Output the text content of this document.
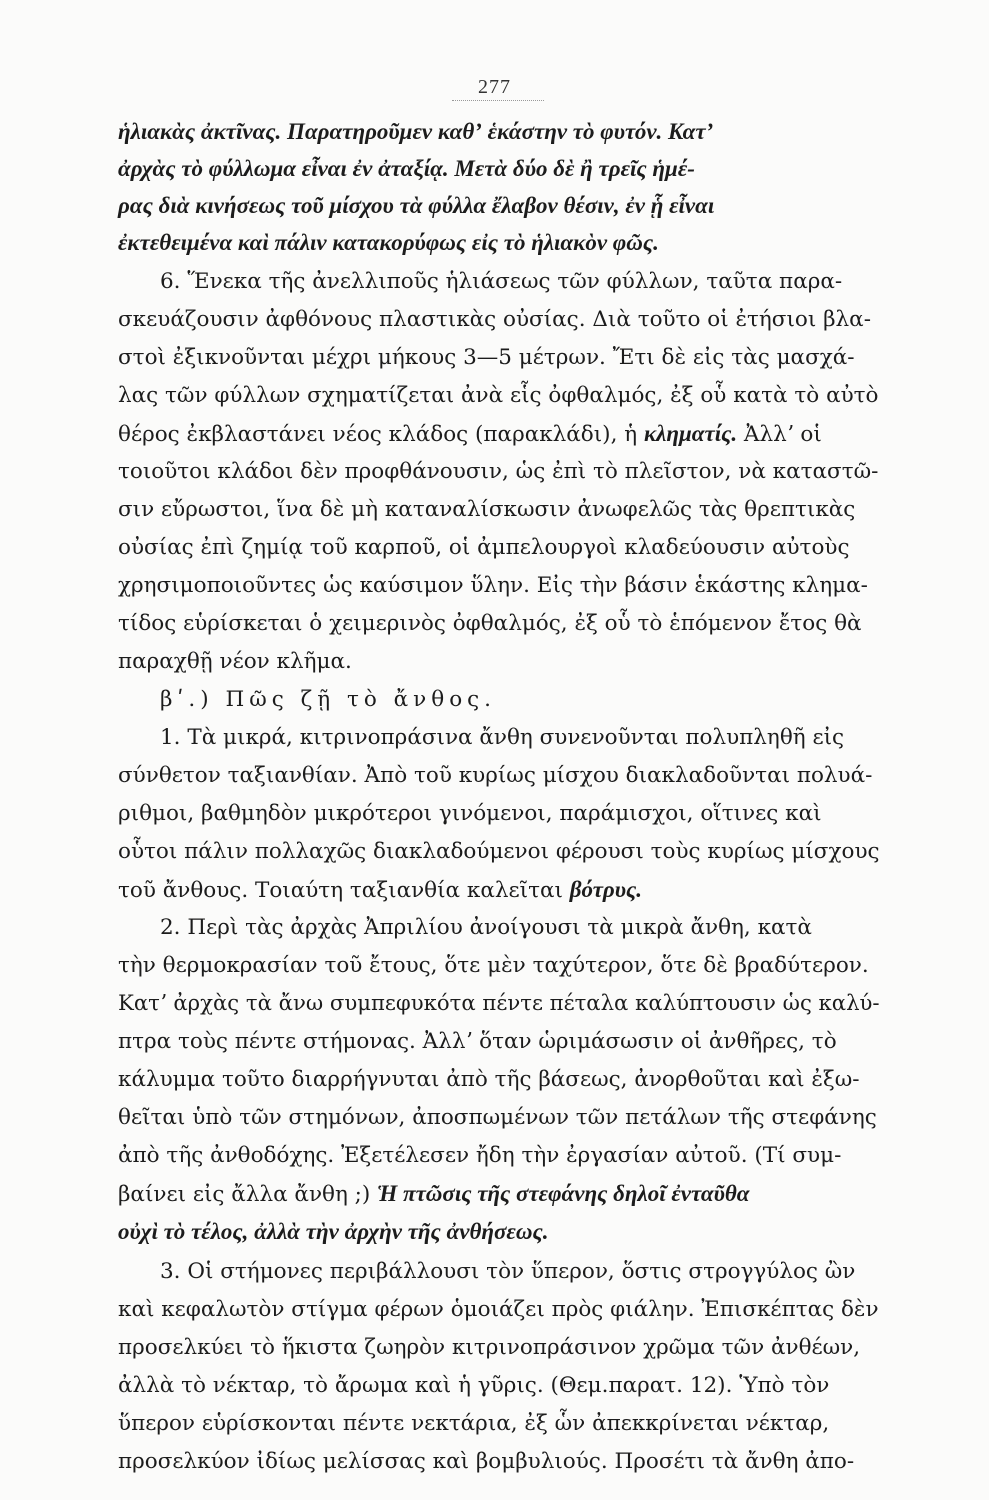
277
ἡλιακὰς ἀκτῖνας. Παρατηροῦμεν καθʼ ἑκάστην τὸ φυτόν. Κατʼ
ἀρχὰς τὸ φύλλωμα εἶναι ἐν ἀταξίᾳ. Μετὰ δύο δὲ ἢ τρεῖς ἡμέ-
ρας διὰ κινήσεως τοῦ μίσχου τὰ φύλλα ἔλαβον θέσιν, ἐν ᾗ εἶναι
ἐκτεθειμένα καὶ πάλιν κατακορύφως εἰς τὸ ἡλιακὸν φῶς.
6. Ἕνεκα τῆς ἀνελλιποῦς ἡλιάσεως τῶν φύλλων, ταῦτα παρα-
σκευάζουσιν ἀφθόνους πλαστικὰς οὐσίας. Διὰ τοῦτο οἱ ἐτήσιοι βλα-
στοὶ ἐξικνοῦνται μέχρι μήκους 3—5 μέτρων. Ἔτι δὲ εἰς τὰς μασχά-
λας τῶν φύλλων σχηματίζεται ἀνὰ εἷς ὀφθαλμός, ἐξ οὗ κατὰ τὸ αὐτὸ
θέρος ἐκβλαστάνει νέος κλάδος (παρακλάδι), ἡ κληματίς. Ἀλλʼ οἱ
τοιοῦτοι κλάδοι δὲν προφθάνουσιν, ὡς ἐπὶ τὸ πλεῖστον, νὰ καταστῶ-
σιν εὔρωστοι, ἵνα δὲ μὴ καταναλίσκωσιν ἀνωφελῶς τὰς θρεπτικὰς
οὐσίας ἐπὶ ζημίᾳ τοῦ καρποῦ, οἱ ἀμπελουργοὶ κλαδεύουσιν αὐτοὺς
χρησιμοποιοῦντες ὡς καύσιμον ὕλην. Εἰς τὴν βάσιν ἑκάστης κλημα-
τίδος εὑρίσκεται ὁ χειμερινὸς ὀφθαλμός, ἐξ οὗ τὸ ἑπόμενον ἔτος θὰ
παραχθῇ νέον κλῆμα.
βʹ.) Πῶς ζῇ τὸ ἄνθος.
1. Τὰ μικρά, κιτρινοπράσινα ἄνθη συνενοῦνται πολυπληθῆ εἰς
σύνθετον ταξιανθίαν. Ἀπὸ τοῦ κυρίως μίσχου διακλαδοῦνται πολυά-
ριθμοι, βαθμηδὸν μικρότεροι γινόμενοι, παράμισχοι, οἵτινες καὶ
οὗτοι πάλιν πολλαχῶς διακλαδούμενοι φέρουσι τοὺς κυρίως μίσχους
τοῦ ἄνθους. Τοιαύτη ταξιανθία καλεῖται βότρυς.
2. Περὶ τὰς ἀρχὰς Ἀπριλίου ἀνοίγουσι τὰ μικρὰ ἄνθη, κατὰ
τὴν θερμοκρασίαν τοῦ ἔτους, ὅτε μὲν ταχύτερον, ὅτε δὲ βραδύτερον.
Κατʼ ἀρχὰς τὰ ἄνω συμπεφυκότα πέντε πέταλα καλύπτουσιν ὡς καλύ-
πτρα τοὺς πέντε στήμονας. Ἀλλʼ ὅταν ὡριμάσωσιν οἱ ἀνθῆρες, τὸ
κάλυμμα τοῦτο διαρρήγνυται ἀπὸ τῆς βάσεως, ἀνορθοῦται καὶ ἐξω-
θεῖται ὑπὸ τῶν στημόνων, ἀποσπωμένων τῶν πετάλων τῆς στεφάνης
ἀπὸ τῆς ἀνθοδόχης. Ἐξετέλεσεν ἤδη τὴν ἐργασίαν αὐτοῦ. (Τί συμ-
βαίνει εἰς ἄλλα ἄνθη ;) Ἡ πτῶσις τῆς στεφάνης δηλοῖ ἐνταῦθα
οὐχὶ τὸ τέλος, ἀλλὰ τὴν ἀρχὴν τῆς ἀνθήσεως.
3. Οἱ στήμονες περιβάλλουσι τὸν ὕπερον, ὅστις στρογγύλος ὢν
καὶ κεφαλωτὸν στίγμα φέρων ὁμοιάζει πρὸς φιάλην. Ἐπισκέπτας δὲν
προσελκύει τὸ ἥκιστα ζωηρὸν κιτρινοπράσινον χρῶμα τῶν ἀνθέων,
ἀλλὰ τὸ νέκταρ, τὸ ἄρωμα καὶ ἡ γῦρις. (Θεμ.παρατ. 12). Ὑπὸ τὸν
ὕπερον εὑρίσκονται πέντε νεκτάρια, ἐξ ὧν ἀπεκκρίνεται νέκταρ,
προσελκύον ἰδίως μελίσσας καὶ βομβυλιούς. Προσέτι τὰ ἄνθη ἀπο-
